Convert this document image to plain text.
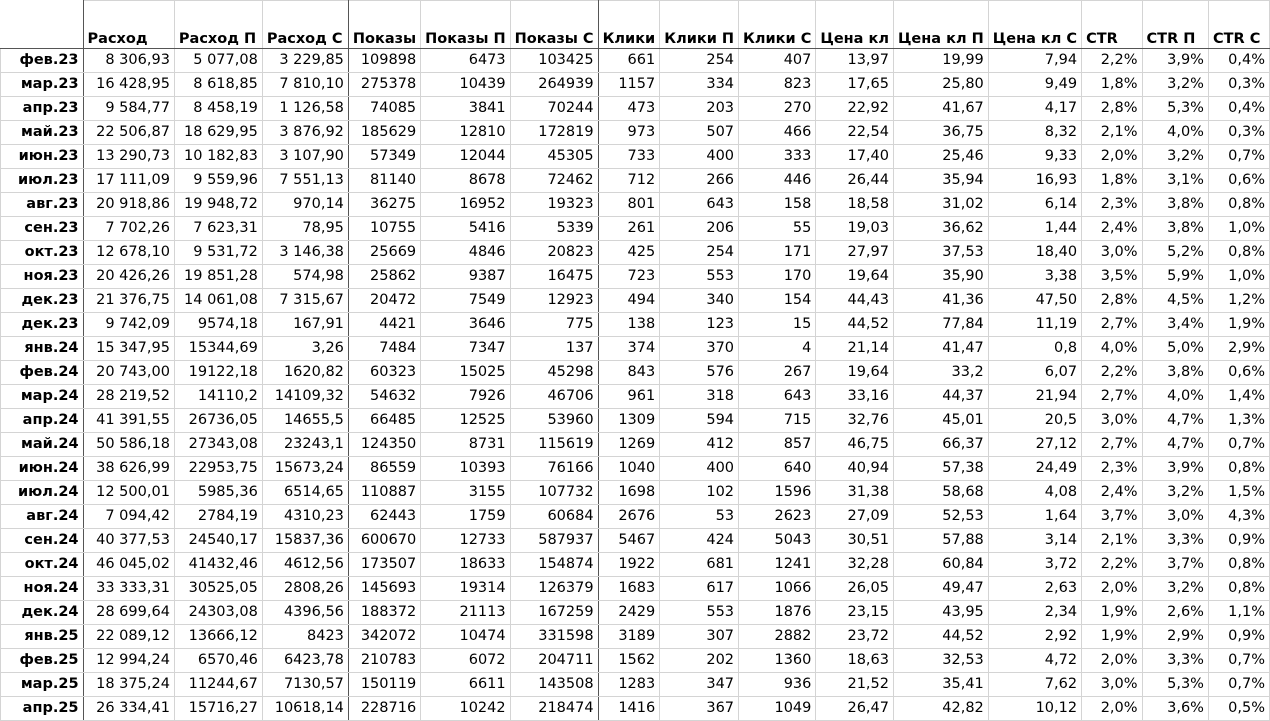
	Расход	Расход П	Расход С	Показы	Показы П	Показы С	Клики	Клики П	Клики С	Цена кл	Цена кл П	Цена кл С	CTR	CTR П	CTR С
фев.23	8 306,93	5 077,08	3 229,85	109898	6473	103425	661	254	407	13,97	19,99	7,94	2,2%	3,9%	0,4%
мар.23	16 428,95	8 618,85	7 810,10	275378	10439	264939	1157	334	823	17,65	25,80	9,49	1,8%	3,2%	0,3%
апр.23	9 584,77	8 458,19	1 126,58	74085	3841	70244	473	203	270	22,92	41,67	4,17	2,8%	5,3%	0,4%
май.23	22 506,87	18 629,95	3 876,92	185629	12810	172819	973	507	466	22,54	36,75	8,32	2,1%	4,0%	0,3%
июн.23	13 290,73	10 182,83	3 107,90	57349	12044	45305	733	400	333	17,40	25,46	9,33	2,0%	3,2%	0,7%
июл.23	17 111,09	9 559,96	7 551,13	81140	8678	72462	712	266	446	26,44	35,94	16,93	1,8%	3,1%	0,6%
авг.23	20 918,86	19 948,72	970,14	36275	16952	19323	801	643	158	18,58	31,02	6,14	2,3%	3,8%	0,8%
сен.23	7 702,26	7 623,31	78,95	10755	5416	5339	261	206	55	19,03	36,62	1,44	2,4%	3,8%	1,0%
окт.23	12 678,10	9 531,72	3 146,38	25669	4846	20823	425	254	171	27,97	37,53	18,40	3,0%	5,2%	0,8%
ноя.23	20 426,26	19 851,28	574,98	25862	9387	16475	723	553	170	19,64	35,90	3,38	3,5%	5,9%	1,0%
дек.23	21 376,75	14 061,08	7 315,67	20472	7549	12923	494	340	154	44,43	41,36	47,50	2,8%	4,5%	1,2%
дек.23	9 742,09	9574,18	167,91	4421	3646	775	138	123	15	44,52	77,84	11,19	2,7%	3,4%	1,9%
янв.24	15 347,95	15344,69	3,26	7484	7347	137	374	370	4	21,14	41,47	0,8	4,0%	5,0%	2,9%
фев.24	20 743,00	19122,18	1620,82	60323	15025	45298	843	576	267	19,64	33,2	6,07	2,2%	3,8%	0,6%
мар.24	28 219,52	14110,2	14109,32	54632	7926	46706	961	318	643	33,16	44,37	21,94	2,7%	4,0%	1,4%
апр.24	41 391,55	26736,05	14655,5	66485	12525	53960	1309	594	715	32,76	45,01	20,5	3,0%	4,7%	1,3%
май.24	50 586,18	27343,08	23243,1	124350	8731	115619	1269	412	857	46,75	66,37	27,12	2,7%	4,7%	0,7%
июн.24	38 626,99	22953,75	15673,24	86559	10393	76166	1040	400	640	40,94	57,38	24,49	2,3%	3,9%	0,8%
июл.24	12 500,01	5985,36	6514,65	110887	3155	107732	1698	102	1596	31,38	58,68	4,08	2,4%	3,2%	1,5%
авг.24	7 094,42	2784,19	4310,23	62443	1759	60684	2676	53	2623	27,09	52,53	1,64	3,7%	3,0%	4,3%
сен.24	40 377,53	24540,17	15837,36	600670	12733	587937	5467	424	5043	30,51	57,88	3,14	2,1%	3,3%	0,9%
окт.24	46 045,02	41432,46	4612,56	173507	18633	154874	1922	681	1241	32,28	60,84	3,72	2,2%	3,7%	0,8%
ноя.24	33 333,31	30525,05	2808,26	145693	19314	126379	1683	617	1066	26,05	49,47	2,63	2,0%	3,2%	0,8%
дек.24	28 699,64	24303,08	4396,56	188372	21113	167259	2429	553	1876	23,15	43,95	2,34	1,9%	2,6%	1,1%
янв.25	22 089,12	13666,12	8423	342072	10474	331598	3189	307	2882	23,72	44,52	2,92	1,9%	2,9%	0,9%
фев.25	12 994,24	6570,46	6423,78	210783	6072	204711	1562	202	1360	18,63	32,53	4,72	2,0%	3,3%	0,7%
мар.25	18 375,24	11244,67	7130,57	150119	6611	143508	1283	347	936	21,52	35,41	7,62	3,0%	5,3%	0,7%
апр.25	26 334,41	15716,27	10618,14	228716	10242	218474	1416	367	1049	26,47	42,82	10,12	2,0%	3,6%	0,5%
